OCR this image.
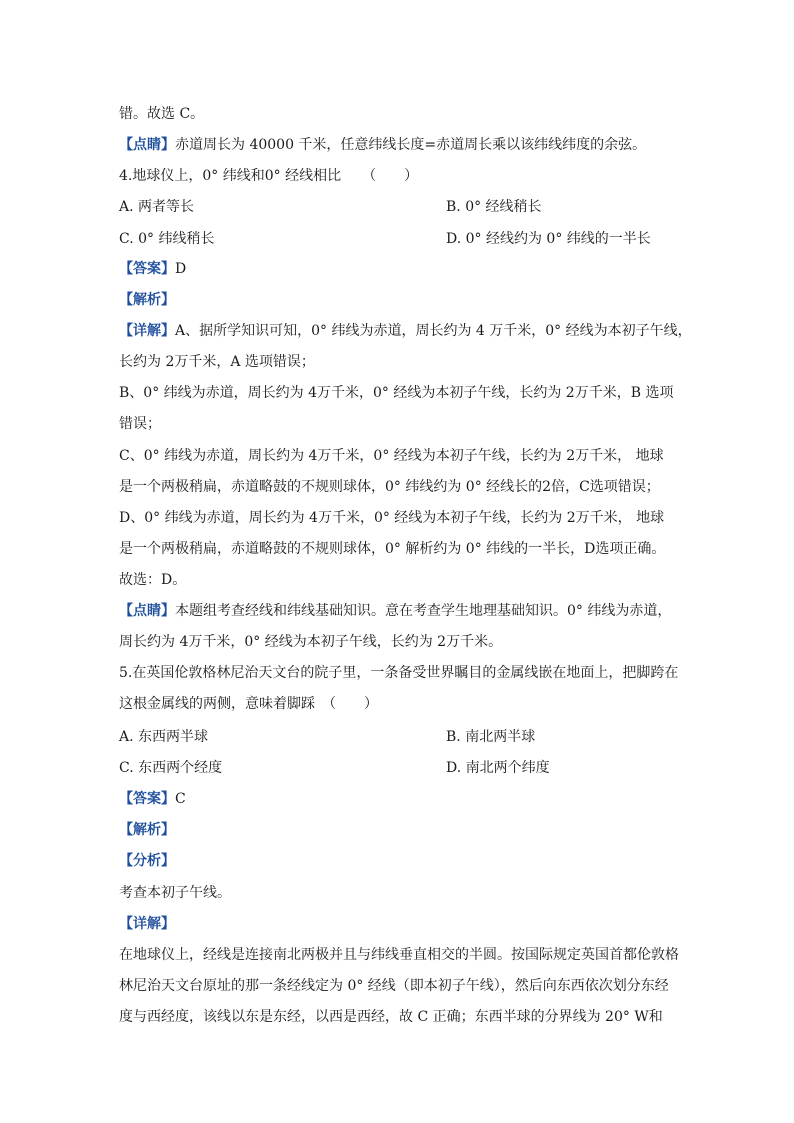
错。故选 C。
【点睛】赤道周长为 40000 千米，任意纬线长度=赤道周长乘以该纬线纬度的余弦。
4.地球仪上，0° 纬线和0° 经线相比　　（　　）
A. 两者等长	B. 0° 经线稍长
C. 0° 纬线稍长	D. 0° 经线约为 0° 纬线的一半长
【答案】D
【解析】
【详解】A、据所学知识可知，0° 纬线为赤道，周长约为 4 万千米，0° 经线为本初子午线，
长约为 2万千米，A 选项错误；
B、0° 纬线为赤道，周长约为 4万千米，0° 经线为本初子午线，长约为 2万千米，B 选项
错误；
C、0° 纬线为赤道，周长约为 4万千米，0° 经线为本初子午线，长约为 2万千米， 地球
是一个两极稍扁，赤道略鼓的不规则球体，0° 纬线约为 0° 经线长的2倍，C选项错误；
D、0° 纬线为赤道，周长约为 4万千米，0° 经线为本初子午线，长约为 2万千米， 地球
是一个两极稍扁，赤道略鼓的不规则球体，0° 解析约为 0° 纬线的一半长，D选项正确。
故选：D。
【点睛】本题组考查经线和纬线基础知识。意在考查学生地理基础知识。0° 纬线为赤道，
周长约为 4万千米，0° 经线为本初子午线，长约为 2万千米。
5.在英国伦敦格林尼治天文台的院子里，一条备受世界瞩目的金属线嵌在地面上，把脚跨在
这根金属线的两侧，意味着脚踩　（　　）
A. 东西两半球	B. 南北两半球
C. 东西两个经度	D. 南北两个纬度
【答案】C
【解析】
【分析】
考查本初子午线。
【详解】
在地球仪上，经线是连接南北两极并且与纬线垂直相交的半圆。按国际规定英国首都伦敦格
林尼治天文台原址的那一条经线定为 0° 经线（即本初子午线），然后向东西依次划分东经
度与西经度，该线以东是东经，以西是西经，故 C 正确；东西半球的分界线为 20° W和
